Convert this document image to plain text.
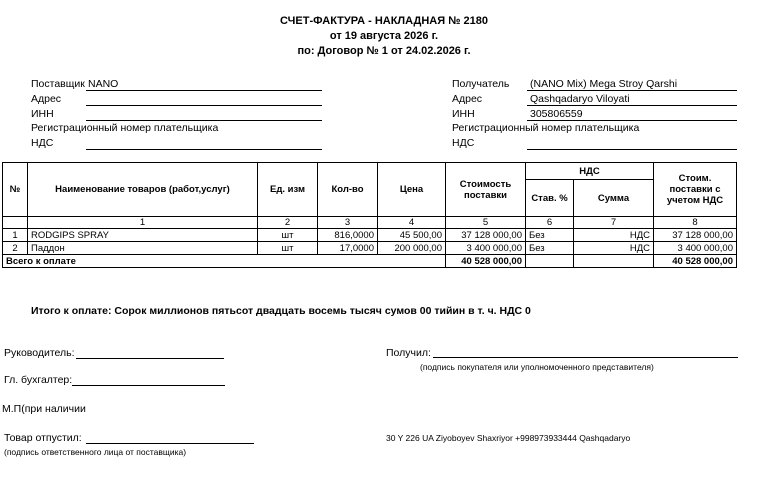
СЧЕТ-ФАКТУРА - НАКЛАДНАЯ № 2180
от 19 августа 2026 г.
по: Договор № 1 от 24.02.2026 г.
Поставщик NANO
Адрес
ИНН
Регистрационный номер плательщика
НДС
Получатель (NANO Mix) Mega Stroy Qarshi
Адрес	Qashqadaryo Viloyati
ИНН	305806559
Регистрационный номер плательщика
НДС
№	Наименование товаров (работ,услуг)	Ед. изм	Кол-во	Цена	Стоимость поставки	НДС		Стоим. поставки с учетом НДС
						Став. %	Сумма	
	1	2	3	4	5	6	7	8
1	RODGIPS SPRAY	шт	816,0000	45 500,00	37 128 000,00	Без	НДС	37 128 000,00
2	Паддон	шт	17,0000	200 000,00	3 400 000,00	Без	НДС	3 400 000,00
Всего к оплате					40 528 000,00			40 528 000,00
Итого к оплате: Сорок миллионов пятьсот двадцать восемь тысяч сумов 00 тийин в т. ч. НДС 0
Руководитель:
Гл. бухгалтер:
М.П(при наличии
Товар отпустил:
(подпись ответственного лица от поставщика)
Получил:
(подпись покупателя или уполномоченного представителя)
30 Y 226 UA Ziyoboyev Shaxriyor +998973933444 Qashqadaryo
